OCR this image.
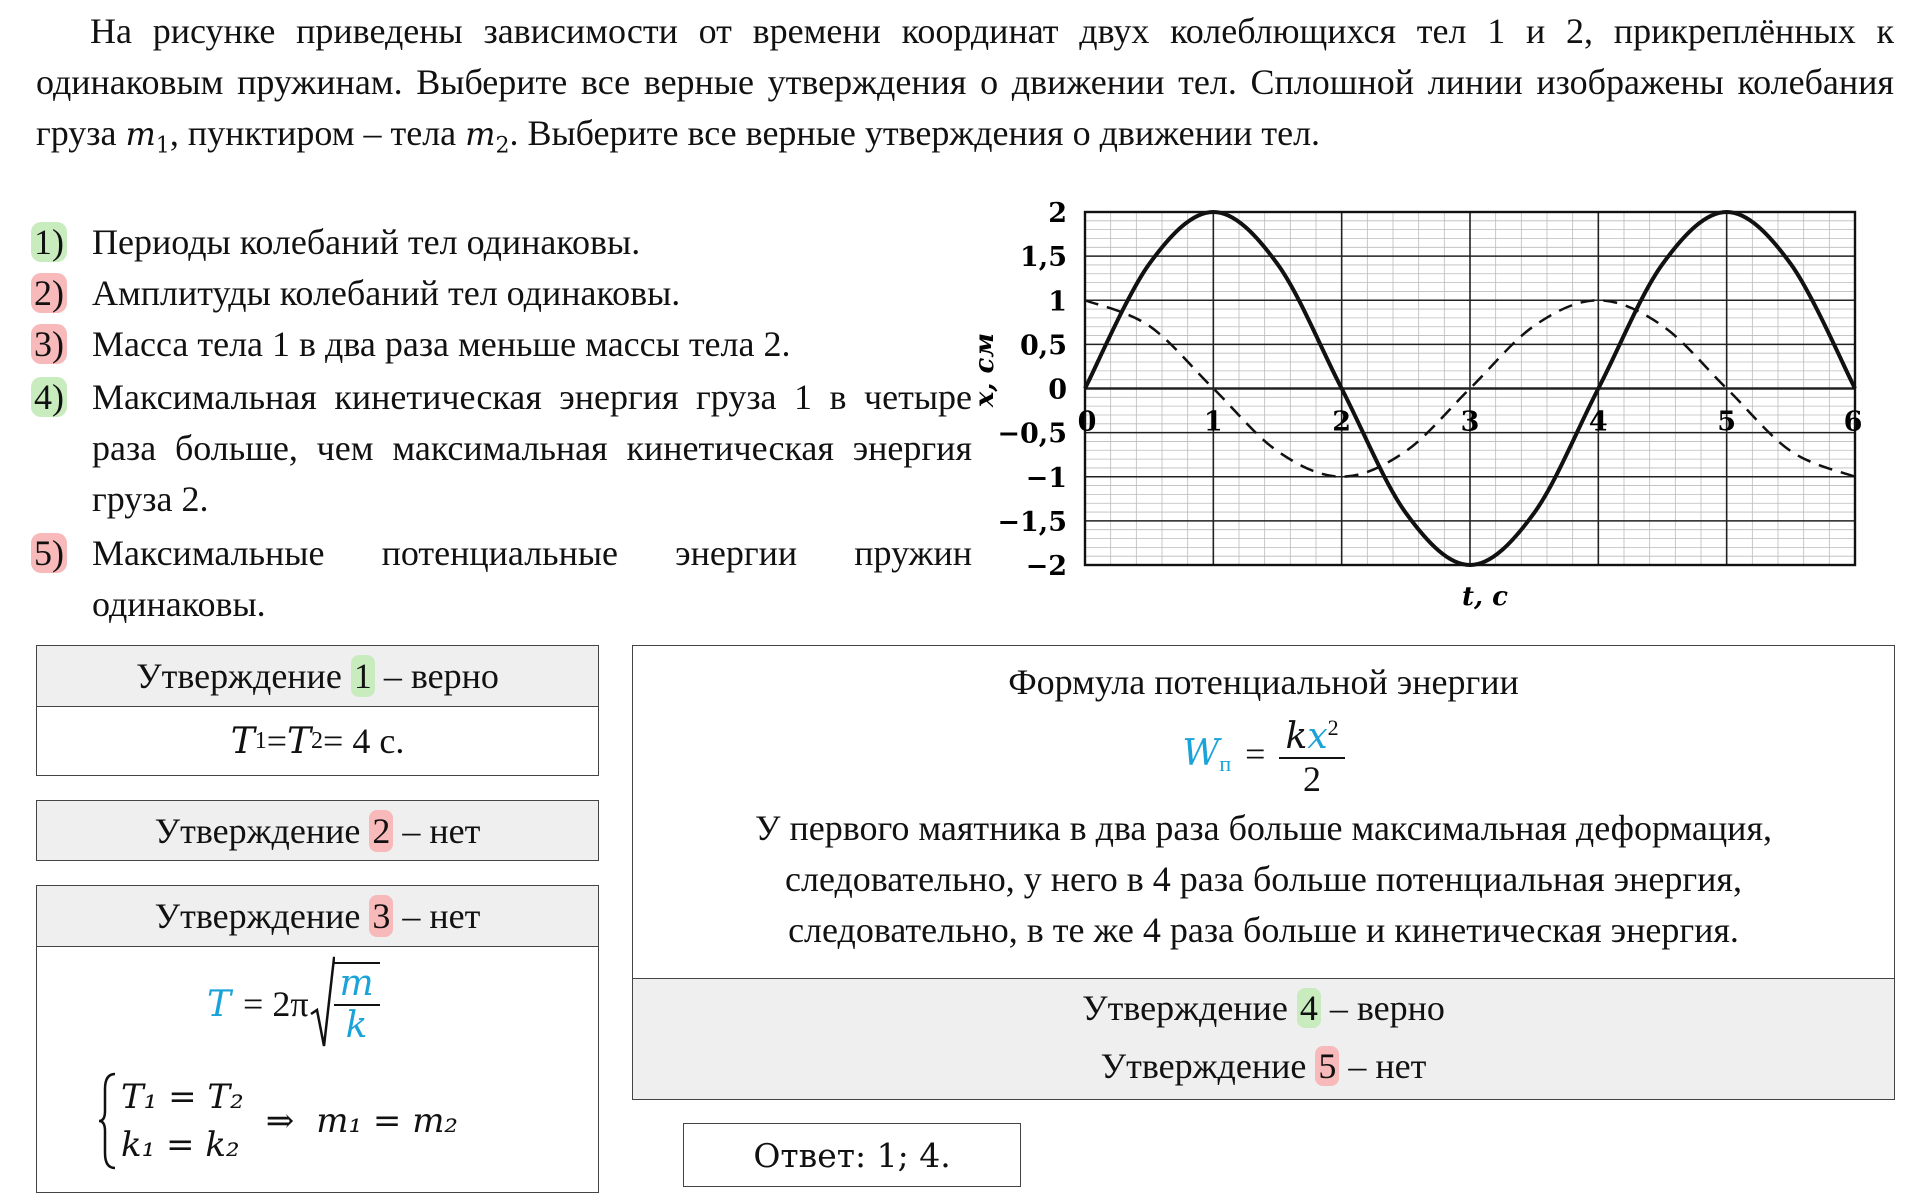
На рисунке приведены зависимости от времени координат двух колеблющихся тел 1 и 2, прикреплённых к одинаковым пружинам. Выберите все верные утверждения о движении тел. Сплошной линии изображены колебания груза $m_1$, пунктиром – тела $m_2$. Выберите все верные утверждения о движении тел.
1) Периоды колебаний тел одинаковы.
2) Амплитуды колебаний тел одинаковы.
3) Масса тела 1 в два раза меньше массы тела 2.
4) Максимальная кинетическая энергия груза 1 в четыре раза больше, чем максимальная кинетическая энергия груза 2.
5) Максимальные потенциальные энергии пружин одинаковы.
0	1	2	3	4	5	6
2
1,5
1
0,5
0
−0,5
−1
−1,5
−2
x, см
t, с
Утверждение
1
– верно
T 1 = T 2 = 4 с.
Утверждение
2
– нет
Утверждение
3
– нет
$T = 2\pi \frac{m}{k}$
T₁ = T₂
k₁ = k₂
⇒ m₁ = m₂
Формула потенциальной энергии
$W_п = \frac{kx^2}{2}$
У первого маятника в два раза больше максимальная деформация,
следовательно, у него в 4 раза больше потенциальная энергия,
следовательно, в те же 4 раза больше и кинетическая энергия.
Утверждение 4 – верно
Утверждение 5 – нет
Ответ: 1; 4.
